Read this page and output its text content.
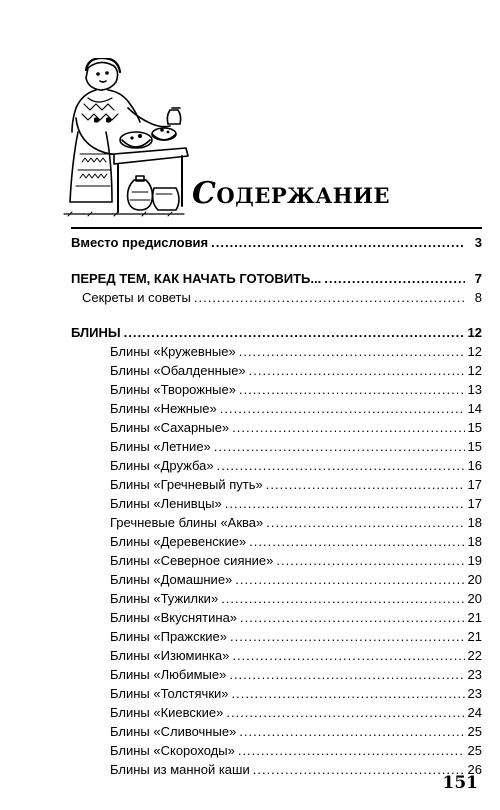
СОДЕРЖАНИЕ
Вместо предисловия .....	3
ПЕРЕД ТЕМ, КАК НАЧАТЬ ГОТОВИТЬ... .....	7
Секреты и советы .....	8
БЛИНЫ .....	12
Блины «Кружевные» .....	12
Блины «Обалденные» .....	12
Блины «Творожные» .....	13
Блины «Нежные» .....	14
Блины «Сахарные» .....	15
Блины «Летние» .....	15
Блины «Дружба» .....	16
Блины «Гречневый путь» .....	17
Блины «Ленивцы» .....	17
Гречневые блины «Аква» .....	18
Блины «Деревенские» .....	18
Блины «Северное сияние» .....	19
Блины «Домашние» .....	20
Блины «Тужилки» .....	20
Блины «Вкуснятина» .....	21
Блины «Пражские» .....	21
Блины «Изюминка» .....	22
Блины «Любимые» .....	23
Блины «Толстячки» .....	23
Блины «Киевские» .....	24
Блины «Сливочные» .....	25
Блины «Скороходы» .....	25
Блины из манной каши .....	26
151
